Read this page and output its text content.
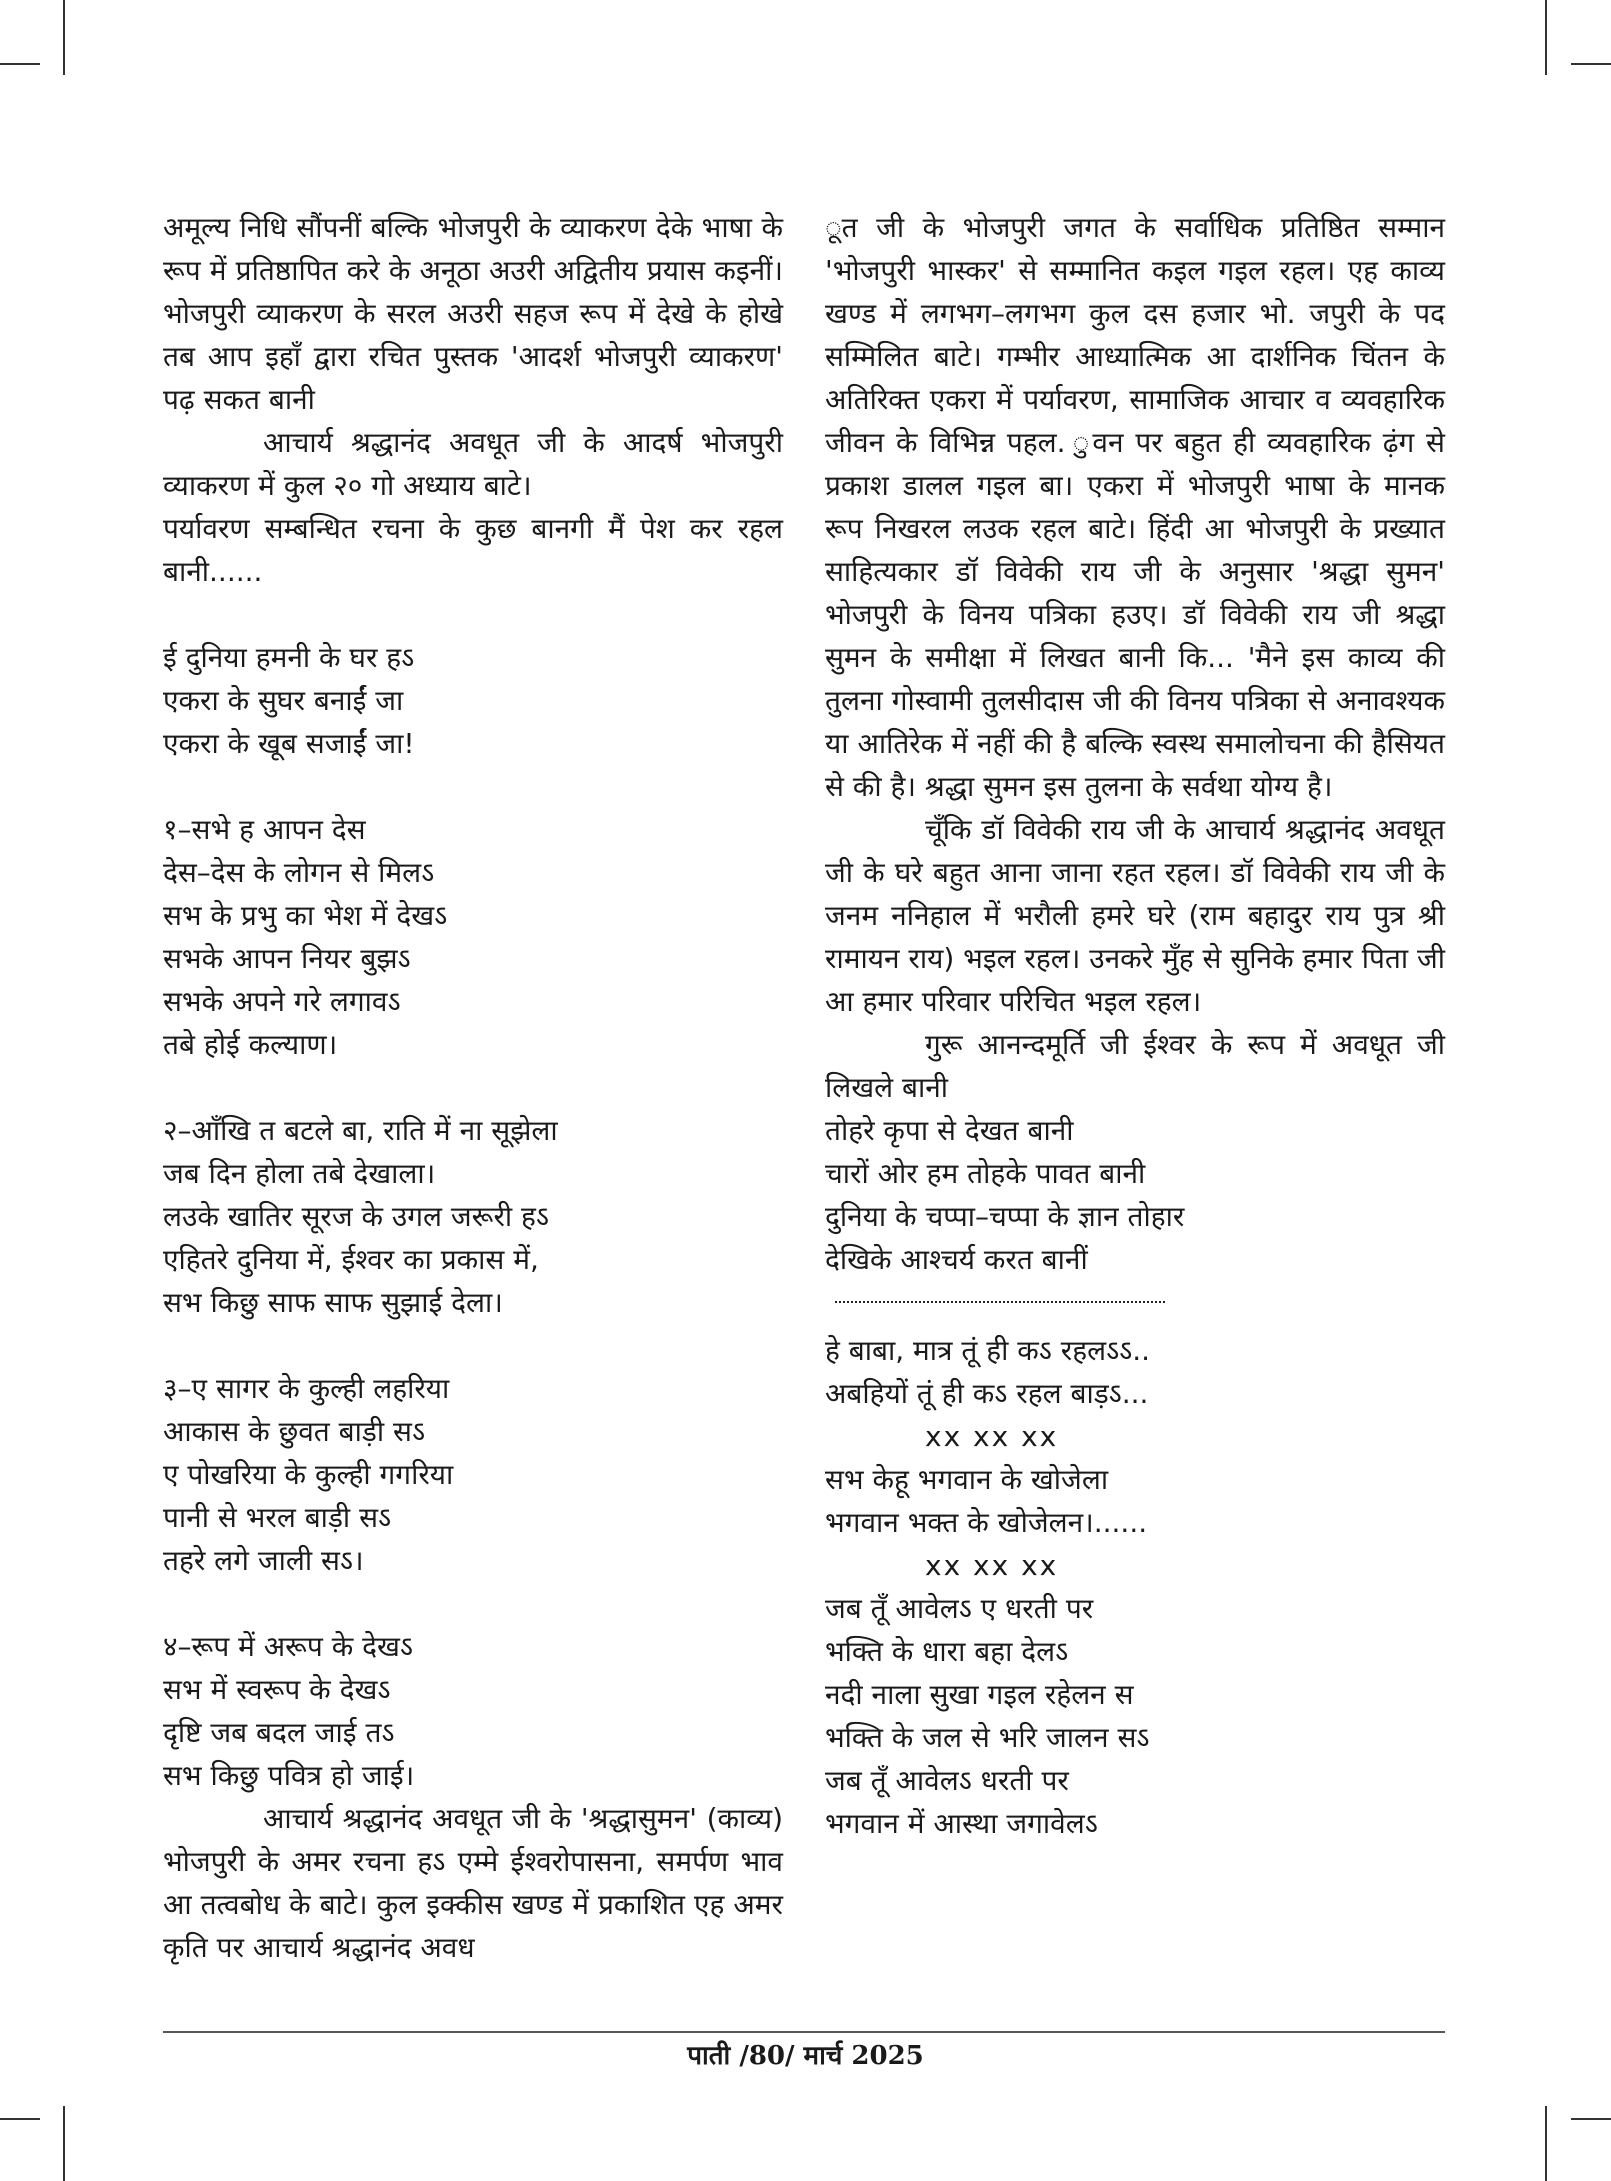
अमूल्य निधि सौंपनीं बल्कि भोजपुरी के व्याकरण देके भाषा के रूप में प्रतिष्ठापित करे के अनूठा अउरी अद्वितीय प्रयास कइनीं। भोजपुरी व्याकरण के सरल अउरी सहज रूप में देखे के होखे तब आप इहाँ द्वारा रचित पुस्तक 'आदर्श भोजपुरी व्याकरण' पढ़ सकत बानी

आचार्य श्रद्धानंद अवधूत जी के आदर्ष भोजपुरी व्याकरण में कुल २० गो अध्याय बाटे।

पर्यावरण सम्बन्धित रचना के कुछ बानगी मैं पेश कर रहल बानी......

ई दुनिया हमनी के घर हऽ

एकरा के सुघर बनाईं जा

एकरा के खूब सजाईं जा!

१–सभे ह आपन देस

देस–देस के लोगन से मिलऽ

सभ के प्रभु का भेश में देखऽ

सभके आपन नियर बुझऽ

सभके अपने गरे लगावऽ

तबे होई कल्याण।

२–आँखि त बटले बा, राति में ना सूझेला

जब दिन होला तबे देखाला।

लउके खातिर सूरज के उगल जरूरी हऽ

एहितरे दुनिया में, ईश्वर का प्रकास में,

सभ किछु साफ साफ सुझाई देला।

३–ए सागर के कुल्ही लहरिया

आकास के छुवत बाड़ी सऽ

ए पोखरिया के कुल्ही गगरिया

पानी से भरल बाड़ी सऽ

तहरे लगे जाली सऽ।

४–रूप में अरूप के देखऽ

सभ में स्वरूप के देखऽ

दृष्टि जब बदल जाई तऽ

सभ किछु पवित्र हो जाई।

आचार्य श्रद्धानंद अवधूत जी के 'श्रद्धासुमन' (काव्य) भोजपुरी के अमर रचना हऽ एम्मे ईश्वरोपासना, समर्पण भाव आ तत्वबोध के बाटे। कुल इक्कीस खण्ड में प्रकाशित एह अमर कृति पर आचार्य श्रद्धानंद अवध

ूत जी के भोजपुरी जगत के सर्वाधिक प्रतिष्ठित सम्मान 'भोजपुरी भास्कर' से सम्मानित कइल गइल रहल। एह काव्य खण्ड में लगभग–लगभग कुल दस हजार भो. जपुरी के पद सम्मिलित बाटे। गम्भीर आध्यात्मिक आ दार्शनिक चिंतन के अतिरिक्त एकरा में पर्यावरण, सामाजिक आचार व व्यवहारिक जीवन के विभिन्न पहल. ुवन पर बहुत ही व्यवहारिक ढ़ंग से प्रकाश डालल गइल बा। एकरा में भोजपुरी भाषा के मानक रूप निखरल लउक रहल बाटे। हिंदी आ भोजपुरी के प्रख्यात साहित्यकार डॉ विवेकी राय जी के अनुसार 'श्रद्धा सुमन' भोजपुरी के विनय पत्रिका हउए। डॉ विवेकी राय जी श्रद्धा सुमन के समीक्षा में लिखत बानी कि... 'मैने इस काव्य की तुलना गोस्वामी तुलसीदास जी की विनय पत्रिका से अनावश्यक या आतिरेक में नहीं की है बल्कि स्वस्थ समालोचना की हैसियत से की है। श्रद्धा सुमन इस तुलना के सर्वथा योग्य है।

चूँकि डॉ विवेकी राय जी के आचार्य श्रद्धानंद अवधूत जी के घरे बहुत आना जाना रहत रहल। डॉ विवेकी राय जी के जनम ननिहाल में भरौली हमरे घरे (राम बहादुर राय पुत्र श्री रामायन राय) भइल रहल। उनकरे मुँह से सुनिके हमार पिता जी आ हमार परिवार परिचित भइल रहल।

गुरू आनन्दमूर्ति जी ईश्वर के रूप में अवधूत जी लिखले बानी

तोहरे कृपा से देखत बानी

चारों ओर हम तोहके पावत बानी

दुनिया के चप्पा–चप्पा के ज्ञान तोहार

देखिके आश्चर्य करत बानीं

हे बाबा, मात्र तूं ही कऽ रहलऽऽ..

अबहियों तूं ही कऽ रहल बाड़ऽ...

xx xx xx

सभ केहू भगवान के खोजेला

भगवान भक्त के खोजेलन।......

xx xx xx

जब तूँ आवेलऽ ए धरती पर

भक्ति के धारा बहा देलऽ

नदी नाला सुखा गइल रहेलन स

भक्ति के जल से भरि जालन सऽ

जब तूँ आवेलऽ धरती पर

भगवान में आस्था जगावेलऽ

पाती /80/ मार्च 2025
